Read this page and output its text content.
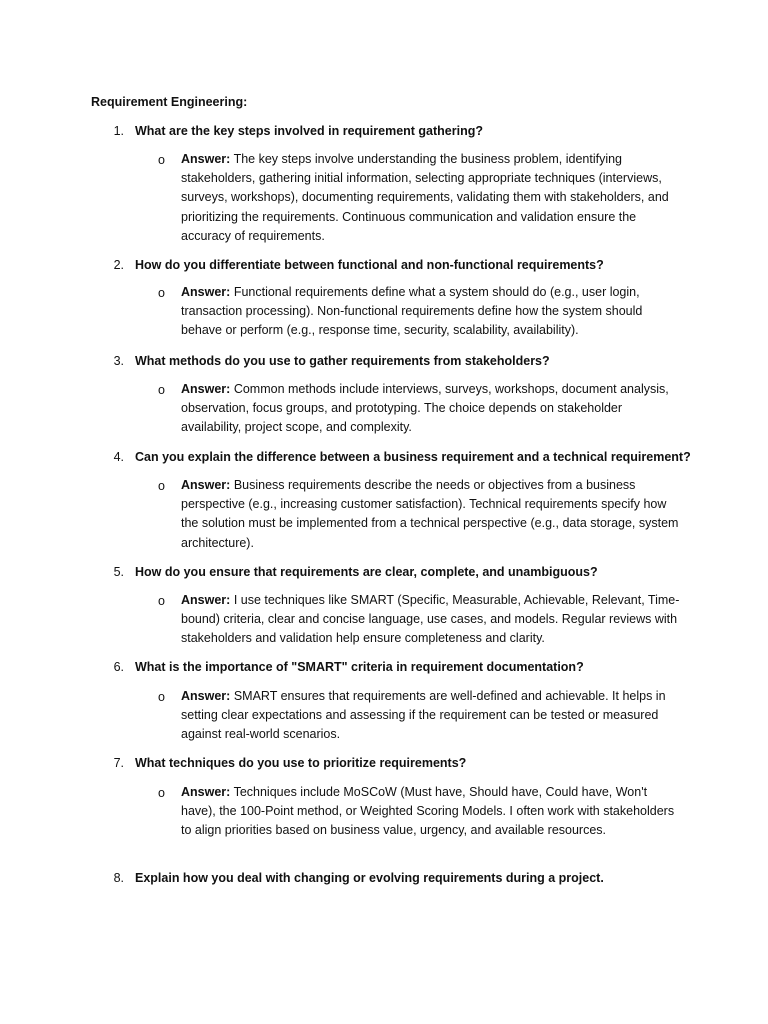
Requirement Engineering:
1. What are the key steps involved in requirement gathering?
o Answer: The key steps involve understanding the business problem, identifying stakeholders, gathering initial information, selecting appropriate techniques (interviews, surveys, workshops), documenting requirements, validating them with stakeholders, and prioritizing the requirements. Continuous communication and validation ensure the accuracy of requirements.
2. How do you differentiate between functional and non-functional requirements?
o Answer: Functional requirements define what a system should do (e.g., user login, transaction processing). Non-functional requirements define how the system should behave or perform (e.g., response time, security, scalability, availability).
3. What methods do you use to gather requirements from stakeholders?
o Answer: Common methods include interviews, surveys, workshops, document analysis, observation, focus groups, and prototyping. The choice depends on stakeholder availability, project scope, and complexity.
4. Can you explain the difference between a business requirement and a technical requirement?
o Answer: Business requirements describe the needs or objectives from a business perspective (e.g., increasing customer satisfaction). Technical requirements specify how the solution must be implemented from a technical perspective (e.g., data storage, system architecture).
5. How do you ensure that requirements are clear, complete, and unambiguous?
o Answer: I use techniques like SMART (Specific, Measurable, Achievable, Relevant, Time-bound) criteria, clear and concise language, use cases, and models. Regular reviews with stakeholders and validation help ensure completeness and clarity.
6. What is the importance of "SMART" criteria in requirement documentation?
o Answer: SMART ensures that requirements are well-defined and achievable. It helps in setting clear expectations and assessing if the requirement can be tested or measured against real-world scenarios.
7. What techniques do you use to prioritize requirements?
o Answer: Techniques include MoSCoW (Must have, Should have, Could have, Won't have), the 100-Point method, or Weighted Scoring Models. I often work with stakeholders to align priorities based on business value, urgency, and available resources.
8. Explain how you deal with changing or evolving requirements during a project.
